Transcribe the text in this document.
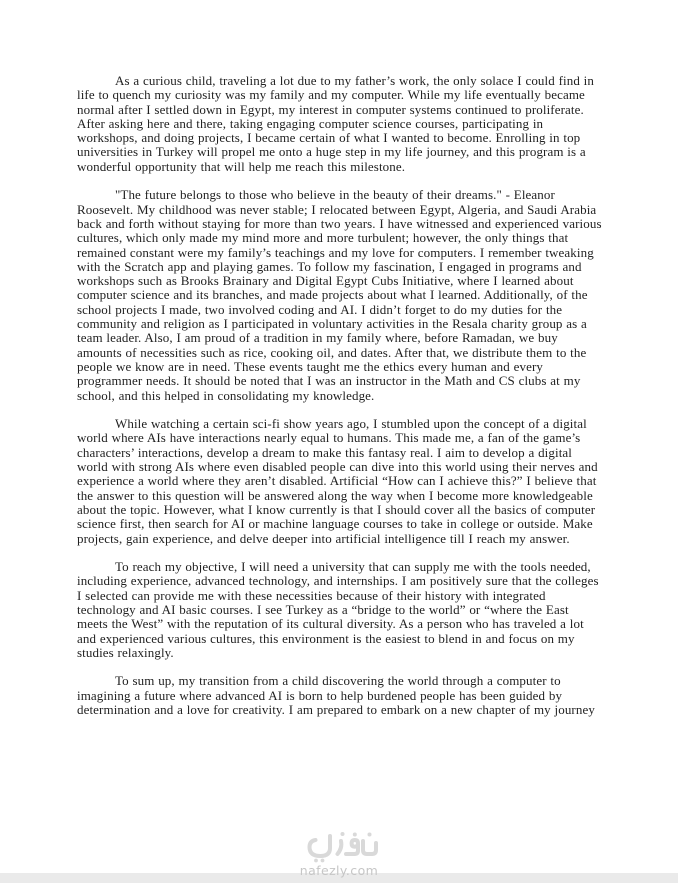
As a curious child, traveling a lot due to my father’s work, the only solace I could find in life to quench my curiosity was my family and my computer. While my life eventually became normal after I settled down in Egypt, my interest in computer systems continued to proliferate. After asking here and there, taking engaging computer science courses, participating in workshops, and doing projects, I became certain of what I wanted to become. Enrolling in top universities in Turkey will propel me onto a huge step in my life journey, and this program is a wonderful opportunity that will help me reach this milestone.

"The future belongs to those who believe in the beauty of their dreams." - Eleanor Roosevelt. My childhood was never stable; I relocated between Egypt, Algeria, and Saudi Arabia back and forth without staying for more than two years. I have witnessed and experienced various cultures, which only made my mind more and more turbulent; however, the only things that remained constant were my family’s teachings and my love for computers. I remember tweaking with the Scratch app and playing games. To follow my fascination, I engaged in programs and workshops such as Brooks Brainary and Digital Egypt Cubs Initiative, where I learned about computer science and its branches, and made projects about what I learned. Additionally, of the school projects I made, two involved coding and AI. I didn’t forget to do my duties for the community and religion as I participated in voluntary activities in the Resala charity group as a team leader. Also, I am proud of a tradition in my family where, before Ramadan, we buy amounts of necessities such as rice, cooking oil, and dates. After that, we distribute them to the people we know are in need. These events taught me the ethics every human and every programmer needs. It should be noted that I was an instructor in the Math and CS clubs at my school, and this helped in consolidating my knowledge.

While watching a certain sci-fi show years ago, I stumbled upon the concept of a digital world where AIs have interactions nearly equal to humans. This made me, a fan of the game’s characters’ interactions, develop a dream to make this fantasy real. I aim to develop a digital world with strong AIs where even disabled people can dive into this world using their nerves and experience a world where they aren’t disabled. Artificial “How can I achieve this?” I believe that the answer to this question will be answered along the way when I become more knowledgeable about the topic. However, what I know currently is that I should cover all the basics of computer science first, then search for AI or machine language courses to take in college or outside. Make projects, gain experience, and delve deeper into artificial intelligence till I reach my answer.

To reach my objective, I will need a university that can supply me with the tools needed, including experience, advanced technology, and internships. I am positively sure that the colleges I selected can provide me with these necessities because of their history with integrated technology and AI basic courses. I see Turkey as a “bridge to the world” or “where the East meets the West” with the reputation of its cultural diversity. As a person who has traveled a lot and experienced various cultures, this environment is the easiest to blend in and focus on my studies relaxingly.

To sum up, my transition from a child discovering the world through a computer to imagining a future where advanced AI is born to help burdened people has been guided by determination and a love for creativity. I am prepared to embark on a new chapter of my journey

nafezly.com
